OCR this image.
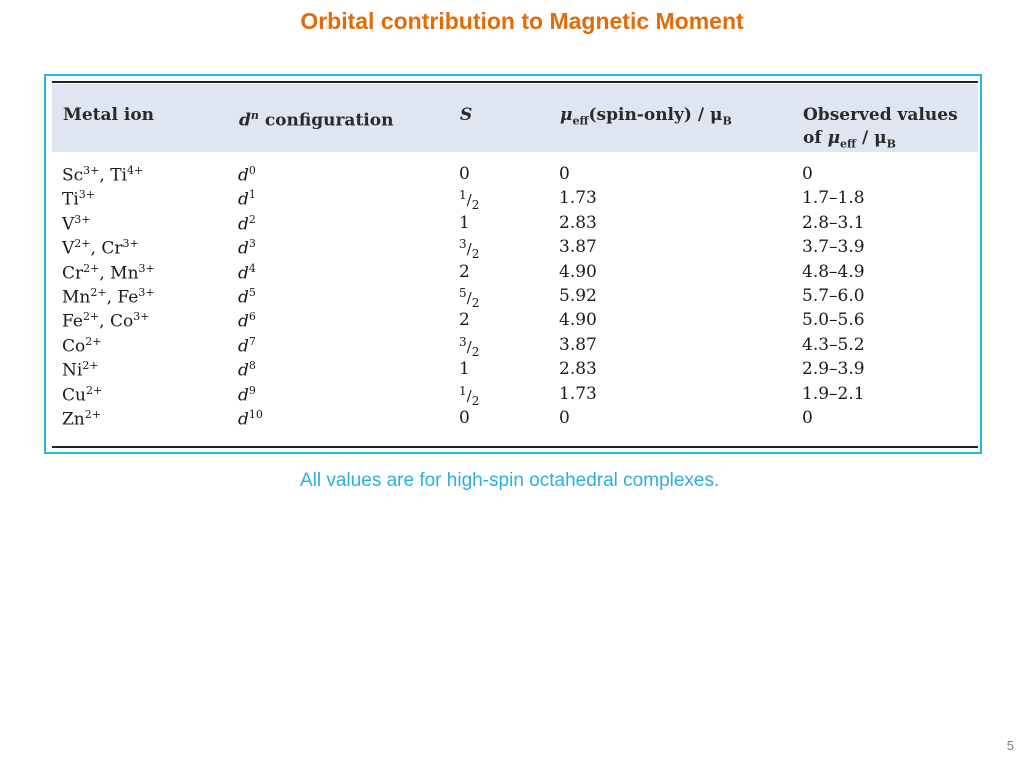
Orbital contribution to Magnetic Moment
Metal ion	$d^n$ configuration	S	$\mu_{eff}(spin-only) / \mu_B$	Observed values
of $\mu_{eff} / \mu_B$
$Sc^{3+}$, $Ti^{4+}$	$d^0$	0	0	0
$Ti^{3+}$	$d^1$	$^1/_2$	1.73	1.7–1.8
$V^{3+}$	$d^2$	1	2.83	2.8–3.1
$V^{2+}$, $Cr^{3+}$	$d^3$	$^3/_2$	3.87	3.7–3.9
$Cr^{2+}$, $Mn^{3+}$	$d^4$	2	4.90	4.8–4.9
$Mn^{2+}$, $Fe^{3+}$	$d^5$	$^5/_2$	5.92	5.7–6.0
$Fe^{2+}$, $Co^{3+}$	$d^6$	2	4.90	5.0–5.6
$Co^{2+}$	$d^7$	$^3/_2$	3.87	4.3–5.2
$Ni^{2+}$	$d^8$	1	2.83	2.9–3.9
$Cu^{2+}$	$d^9$	$^1/_2$	1.73	1.9–2.1
$Zn^{2+}$	$d^{10}$	0	0	0
All values are for high-spin octahedral complexes.
5
